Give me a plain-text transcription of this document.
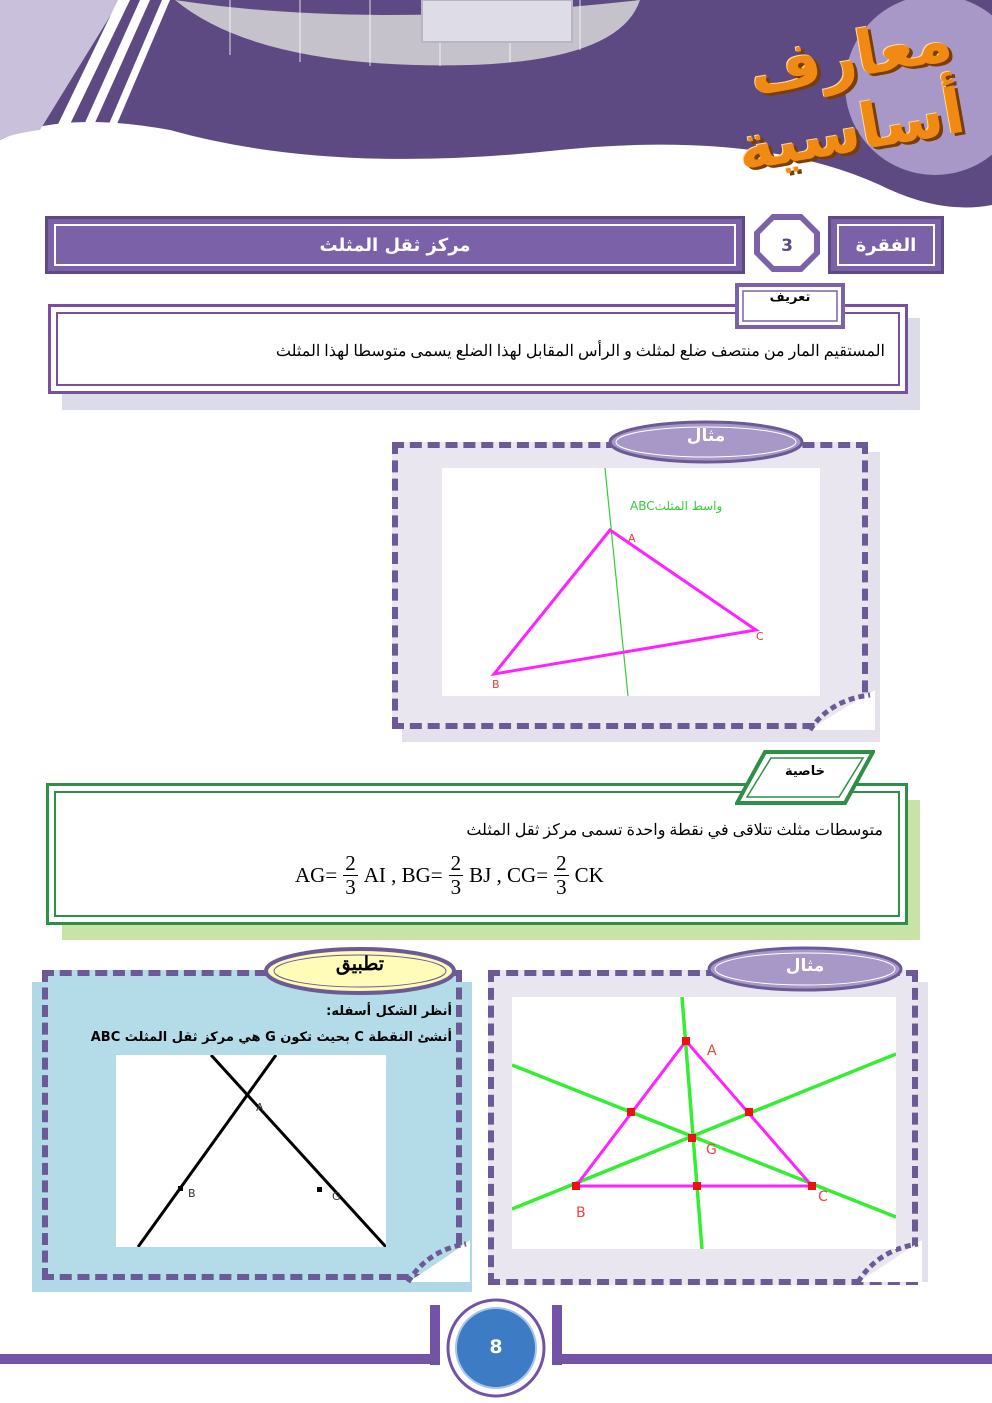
معارف أساسية
مركز ثقل المثلث	3	الفقرة
المستقيم المار من منتصف ضلع لمثلث و الرأس المقابل لهذا الضلع يسمى متوسطا لهذا المثلث
تعريف
ABCواسط المثلث
A
B
C
مثال
متوسطات مثلث تتلاقى في نقطة واحدة تسمى مركز ثقل المثلث
خاصية
$AG= \frac{2}{3}$ AI , $BG= \frac{2}{3}$ BJ , $CG= \frac{2}{3}$ CK
تطبيق
أنظر الشكل أسفله:
أنشئ النقطة C بحيث تكون G هي مركز ثقل المثلث ABC
A
B	G
A
B
C
G
مثال
8
